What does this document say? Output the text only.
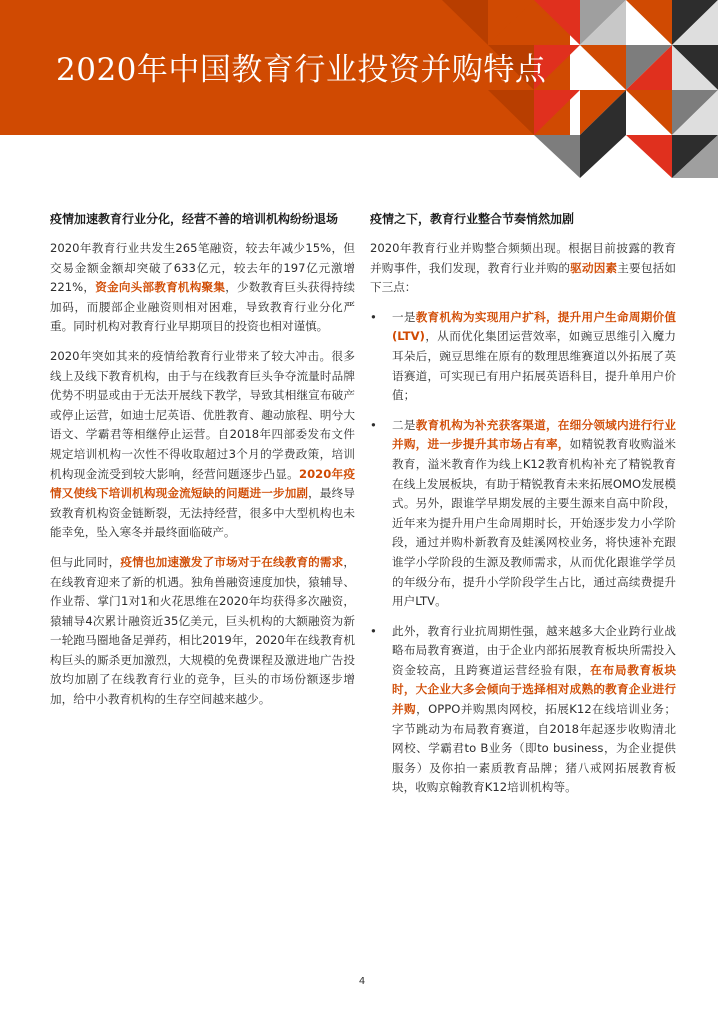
2020年中国教育行业投资并购特点
疫情加速教育行业分化，经营不善的培训机构纷纷退场

2020年教育行业共发生265笔融资，较去年减少15%，但交易金额金额却突破了633亿元，较去年的197亿元激增221%，资金向头部教育机构聚集，少数教育巨头获得持续加码，而腰部企业融资则相对困难，导致教育行业分化严重。同时机构对教育行业早期项目的投资也相对谨慎。

2020年突如其来的疫情给教育行业带来了较大冲击。很多线上及线下教育机构，由于与在线教育巨头争夺流量时品牌优势不明显或由于无法开展线下教学，导致其相继宣布破产或停止运营，如迪士尼英语、优胜教育、趣动旅程、明兮大语文、学霸君等相继停止运营。自2018年四部委发布文件规定培训机构一次性不得收取超过3个月的学费政策，培训机构现金流受到较大影响，经营问题逐步凸显。2020年疫情又使线下培训机构现金流短缺的问题进一步加剧，最终导致教育机构资金链断裂，无法持经营，很多中大型机构也未能幸免，坠入寒冬并最终面临破产。

但与此同时，疫情也加速激发了市场对于在线教育的需求，在线教育迎来了新的机遇。独角兽融资速度加快，猿辅导、作业帮、掌门1对1和火花思维在2020年均获得多次融资，猿辅导4次累计融资近35亿美元，巨头机构的大额融资为新一轮跑马圈地备足弹药，相比2019年，2020年在线教育机构巨头的厮杀更加激烈，大规模的免费课程及激进地广告投放均加剧了在线教育行业的竞争，巨头的市场份额逐步增加，给中小教育机构的生存空间越来越少。

疫情之下，教育行业整合节奏悄然加剧

2020年教育行业并购整合频频出现。根据目前披露的教育并购事件，我们发现，教育行业并购的驱动因素主要包括如下三点：

• 一是教育机构为实现用户扩科，提升用户生命周期价值(LTV)，从而优化集团运营效率，如豌豆思维引入魔力耳朵后，豌豆思维在原有的数理思维赛道以外拓展了英语赛道，可实现已有用户拓展英语科目，提升单用户价值；
• 二是教育机构为补充获客渠道，在细分领域内进行行业并购，进一步提升其市场占有率，如精锐教育收购溢米教育，溢米教育作为线上K12教育机构补充了精锐教育在线上发展板块，有助于精锐教育未来拓展OMO发展模式。另外，跟谁学早期发展的主要生源来自高中阶段，近年来为提升用户生命周期时长，开始逐步发力小学阶段，通过并购朴新教育及蛙溪网校业务，将快速补充跟谁学小学阶段的生源及教师需求，从而优化跟谁学学员的年级分布，提升小学阶段学生占比，通过高续费提升用户LTV。
• 此外，教育行业抗周期性强，越来越多大企业跨行业战略布局教育赛道，由于企业内部拓展教育板块所需投入资金较高，且跨赛道运营经验有限，在布局教育板块时，大企业大多会倾向于选择相对成熟的教育企业进行并购，OPPO并购黑肉网校，拓展K12在线培训业务；字节跳动为布局教育赛道，自2018年起逐步收购清北网校、学霸君to B业务（即to business，为企业提供服务）及你拍一素质教育品牌；猪八戒网拓展教育板块，收购京翰教育K12培训机构等。
4
